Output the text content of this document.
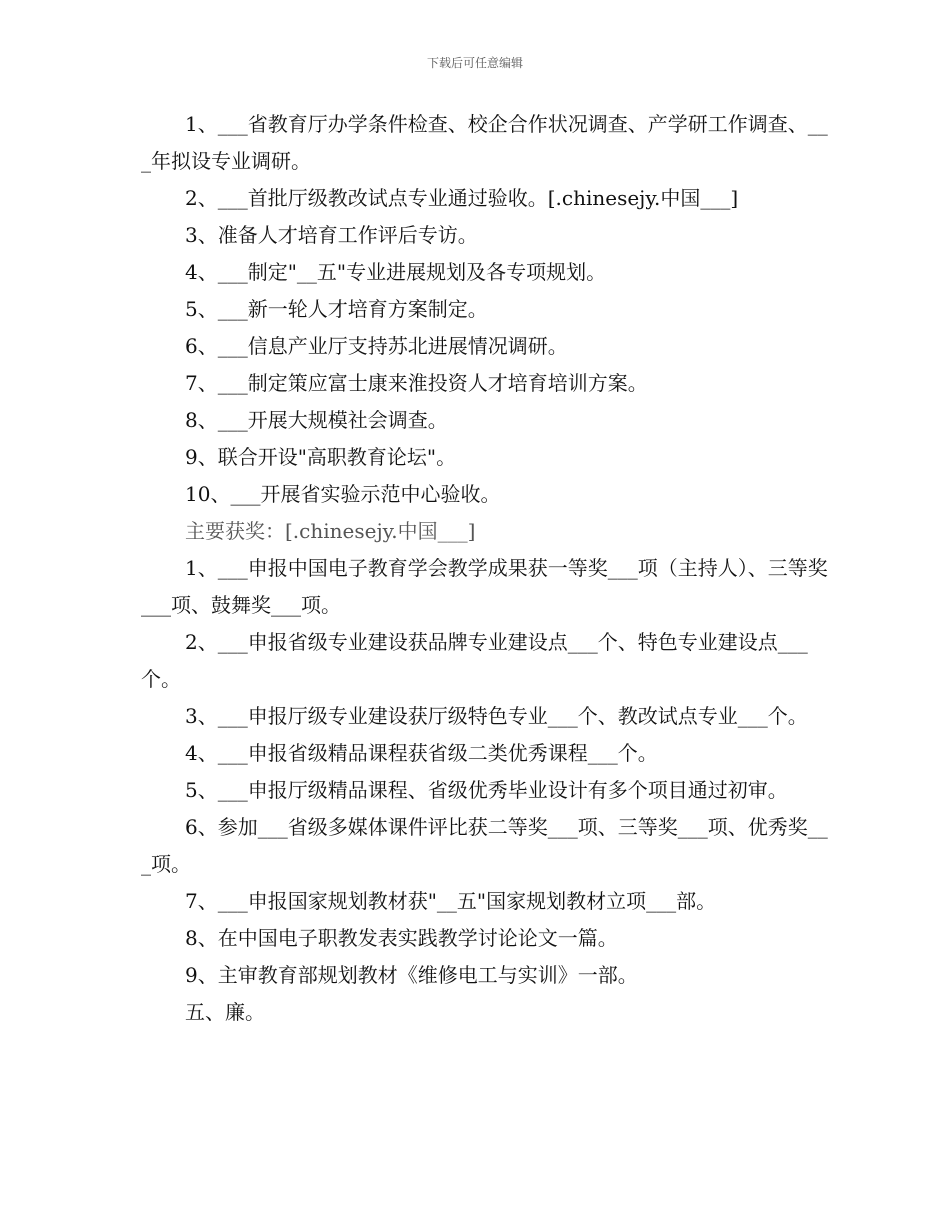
下载后可任意编辑

1、___省教育厅办学条件检查、校企合作状况调查、产学研工作调查、___年拟设专业调研。

2、___首批厅级教改试点专业通过验收。[.chinesejy.中国___]

3、准备人才培育工作评后专访。

4、___制定"__五"专业进展规划及各专项规划。

5、___新一轮人才培育方案制定。

6、___信息产业厅支持苏北进展情况调研。

7、___制定策应富士康来淮投资人才培育培训方案。

8、___开展大规模社会调查。

9、联合开设"高职教育论坛"。

10、___开展省实验示范中心验收。

主要获奖：[.chinesejy.中国___]

1、___申报中国电子教育学会教学成果获一等奖___项（主持人）、三等奖___项、鼓舞奖___项。

2、___申报省级专业建设获品牌专业建设点___个、特色专业建设点___个。

3、___申报厅级专业建设获厅级特色专业___个、教改试点专业___个。

4、___申报省级精品课程获省级二类优秀课程___个。

5、___申报厅级精品课程、省级优秀毕业设计有多个项目通过初审。

6、参加___省级多媒体课件评比获二等奖___项、三等奖___项、优秀奖___项。

7、___申报国家规划教材获"__五"国家规划教材立项___部。

8、在中国电子职教发表实践教学讨论论文一篇。

9、主审教育部规划教材《维修电工与实训》一部。

五、廉。
